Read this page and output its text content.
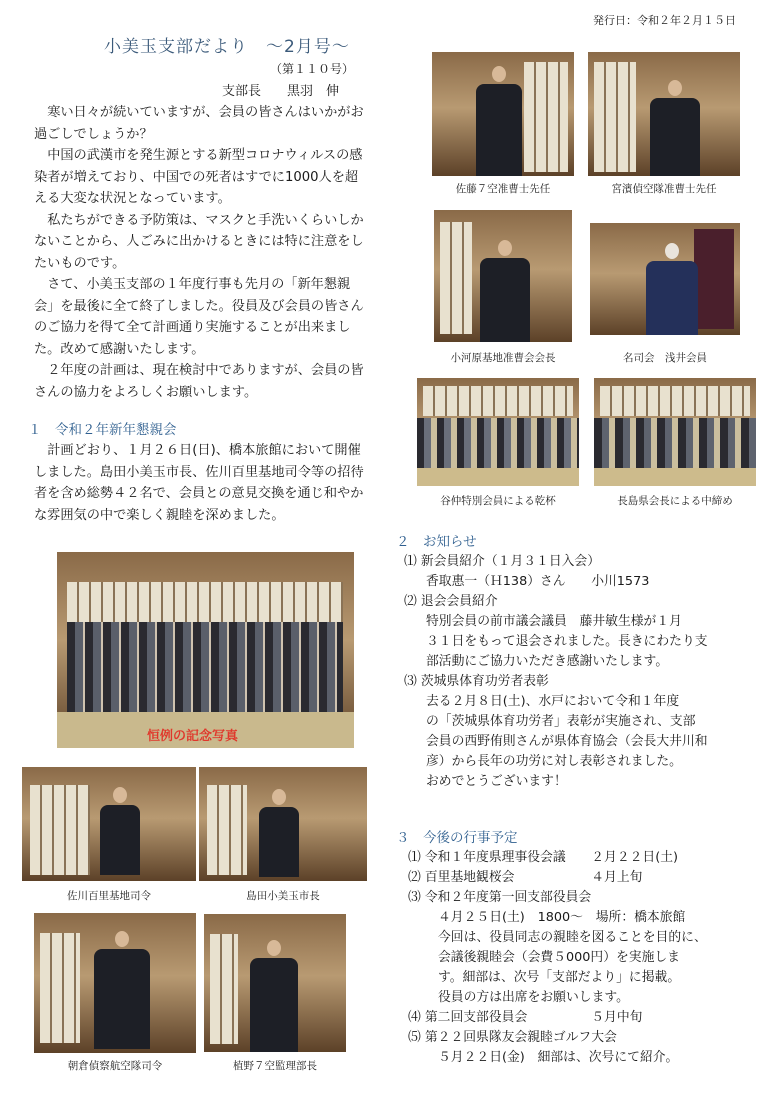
発行日：令和２年２月１５日
小美玉支部だより　～2月号～
（第１１０号）
支部長　　黒羽　伸

寒い日々が続いていますが、会員の皆さんはいかがお過ごしでしょうか？

中国の武漢市を発生源とする新型コロナウィルスの感染者が増えており、中国での死者はすでに1000人を超える大変な状況となっています。

私たちができる予防策は、マスクと手洗いくらいしかないことから、人ごみに出かけるときには特に注意をしたいものです。

さて、小美玉支部の１年度行事も先月の「新年懇親会」を最後に全て終了しました。役員及び会員の皆さんのご協力を得て全て計画通り実施することが出来ました。改めて感謝いたします。

２年度の計画は、現在検討中でありますが、会員の皆さんの協力をよろしくお願いします。

１　令和２年新年懇親会

計画どおり、１月２６日(日)、橋本旅館において開催しました。島田小美玉市長、佐川百里基地司令等の招待者を含め総勢４２名で、会員との意見交換を通じ和やかな雰囲気の中で楽しく親睦を深めました。

恒例の記念写真
佐川百里基地司令	島田小美玉市長
朝倉偵察航空隊司令	植野７空監理部長
佐藤７空准曹士先任	宮濱偵空隊准曹士先任
小河原基地准曹会会長	名司会　浅井会員
谷仲特別会員による乾杯	長島県会長による中締め
２　お知らせ
⑴ 新会員紹介（１月３１日入会）
香取惠一（Ｈ138）さん　　小川1573
⑵ 退会会員紹介
特別会員の前市議会議員　藤井敏生様が１月
３１日をもって退会されました。長きにわたり支
部活動にご協力いただき感謝いたします。
⑶ 茨城県体育功労者表彰
去る２月８日(土)、水戸において令和１年度
の「茨城県体育功労者」表彰が実施され、支部
会員の西野侑則さんが県体育協会（会長大井川和
彦）から長年の功労に対し表彰されました。
おめでとうございます！
３　今後の行事予定
⑴ 令和１年度県理事役会議　　２月２２日(土)
⑵ 百里基地観桜会　　　　　　４月上旬
⑶ 令和２年度第一回支部役員会
４月２５日(土)　1800～　場所：橋本旅館
今回は、役員同志の親睦を図ることを目的に、
会議後親睦会（会費５000円）を実施しま
す。細部は、次号「支部だより」に掲載。
役員の方は出席をお願いします。
⑷ 第二回支部役員会　　　　　５月中旬
⑸ 第２２回県隊友会親睦ゴルフ大会
５月２２日(金)　細部は、次号にて紹介。
